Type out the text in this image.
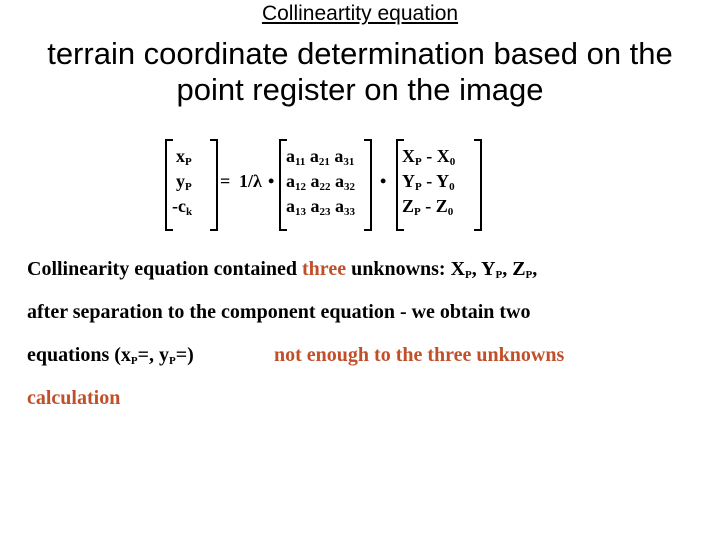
Collineartity equation
terrain coordinate determination based on the
point register on the image
$x_P$
$y_P$
$-c_k$
= 1/λ •
$a_{11}$ $a_{21}$ $a_{31}$
$a_{12}$ $a_{22}$ $a_{32}$
$a_{13}$ $a_{23}$ $a_{33}$
•
$X_P - X_0$
$Y_P - Y_0$
$Z_P - Z_0$
Collinearity equation contained three unknowns: $X_P$, $Y_P$, $Z_P$,
after separation to the component equation - we obtain two
equations ($x_P=$, $y_P=$)	not enough to the three unknowns
calculation
